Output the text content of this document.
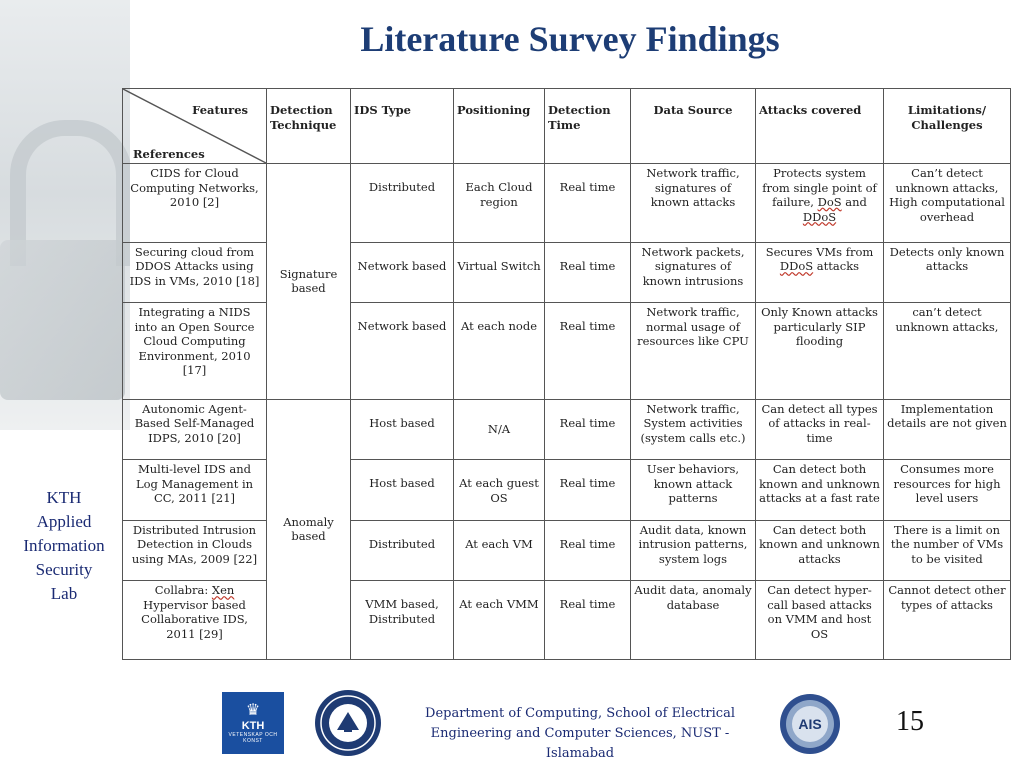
Literature Survey Findings
KTH
Applied
Information
Security
Lab
Features
References	Detection Technique	IDS Type	Positioning	Detection Time	Data Source	Attacks covered	Limitations/ Challenges
CIDS for Cloud Computing Networks, 2010 [2]	Signature based	Distributed	Each Cloud region	Real time	Network traffic, signatures of known attacks	Protects system from single point of failure, DoS and DDoS	Can’t detect unknown attacks, High computational overhead
Securing cloud from DDOS Attacks using IDS in VMs, 2010 [18]		Network based	Virtual Switch	Real time	Network packets, signatures of known intrusions	Secures VMs from DDoS attacks	Detects only known attacks
Integrating a NIDS into an Open Source Cloud Computing Environment, 2010 [17]		Network based	At each node	Real time	Network traffic, normal usage of resources like CPU	Only Known attacks particularly SIP flooding	can’t detect unknown attacks,
Autonomic Agent-Based Self-Managed IDPS, 2010 [20]	Anomaly based	Host based	N/A	Real time	Network traffic, System activities (system calls etc.)	Can detect all types of attacks in real-time	Implementation details are not given
Multi-level IDS and Log Management in CC, 2011 [21]		Host based	At each guest OS	Real time	User behaviors, known attack patterns	Can detect both known and unknown attacks at a fast rate	Consumes more resources for high level users
Distributed Intrusion Detection in Clouds using MAs, 2009 [22]		Distributed	At each VM	Real time	Audit data, known intrusion patterns, system logs	Can detect both known and unknown attacks	There is a limit on the number of VMs to be visited
Collabra: Xen Hypervisor based Collaborative IDS, 2011 [29]		VMM based, Distributed	At each VMM	Real time	Audit data, anomaly database	Can detect hyper-call based attacks on VMM and host OS	Cannot detect other types of attacks
♛
KTH
VETENSKAP OCH KONST
Department of Computing, School of Electrical
Engineering and Computer Sciences, NUST -
Islamabad
AIS	15
